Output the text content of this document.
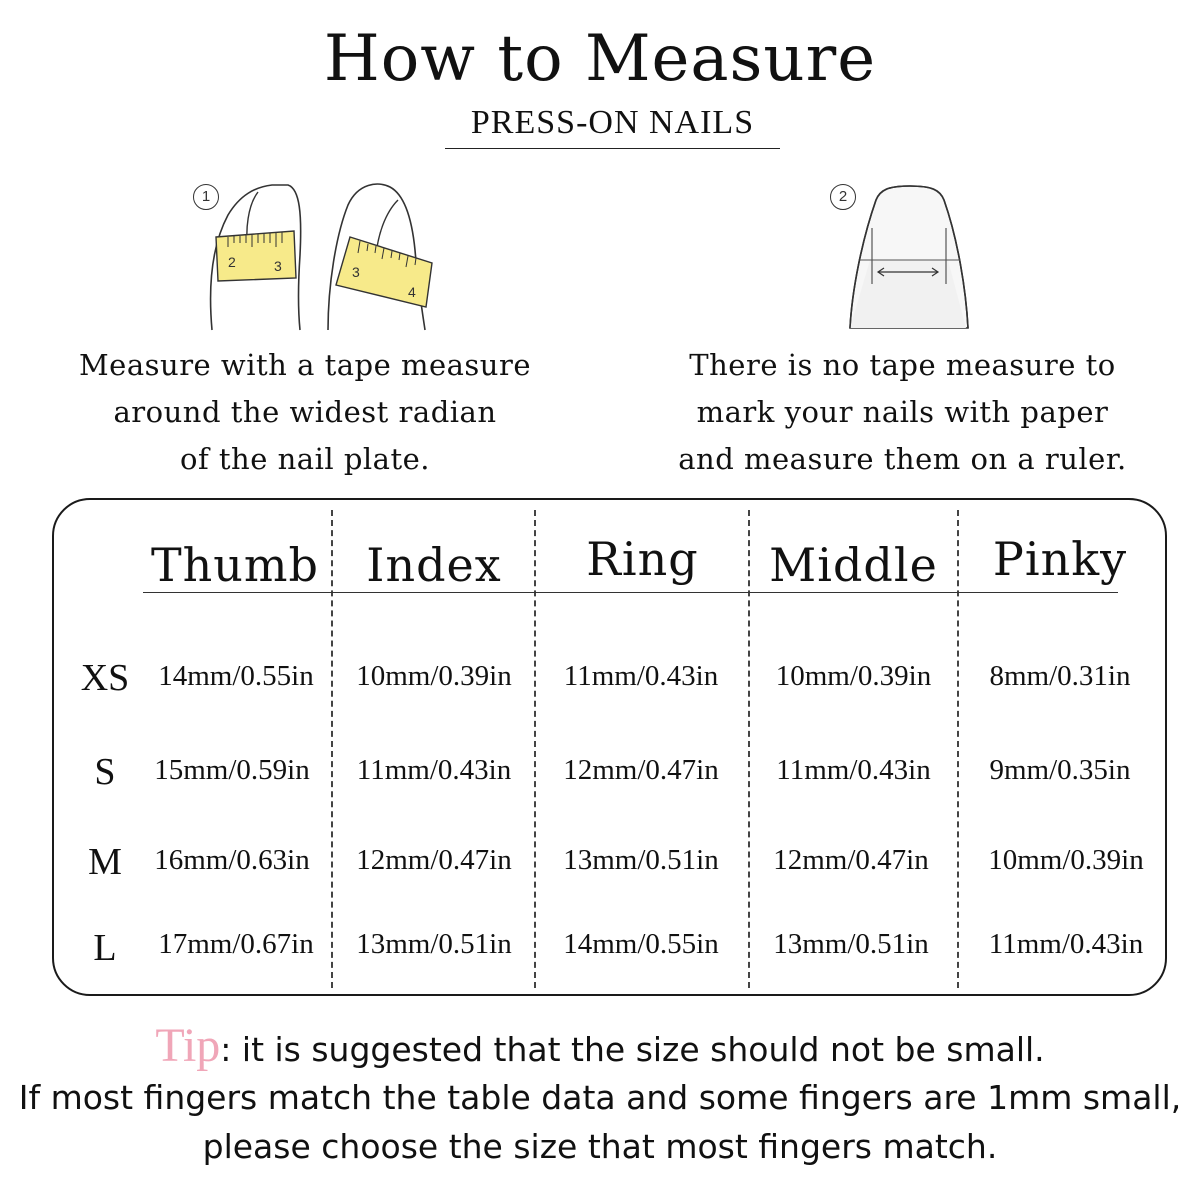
How to Measure
PRESS-ON NAILS
1
2	3	3
4
Measure with a tape measure
around the widest radian
of the nail plate.
2
There is no tape measure to
mark your nails with paper
and measure them on a ruler.
Thumb	Index	Ring	Middle	Pinky
XS 14mm/0.55in	10mm/0.39in	11mm/0.43in	10mm/0.39in	8mm/0.31in
S	15mm/0.59in	11mm/0.43in	12mm/0.47in	11mm/0.43in	9mm/0.35in
M	16mm/0.63in	12mm/0.47in	13mm/0.51in	12mm/0.47in	10mm/0.39in
L	17mm/0.67in	13mm/0.51in	14mm/0.55in	13mm/0.51in	11mm/0.43in
Tip: it is suggested that the size should not be small.
If most fingers match the table data and some fingers are 1mm small,
please choose the size that most fingers match.
